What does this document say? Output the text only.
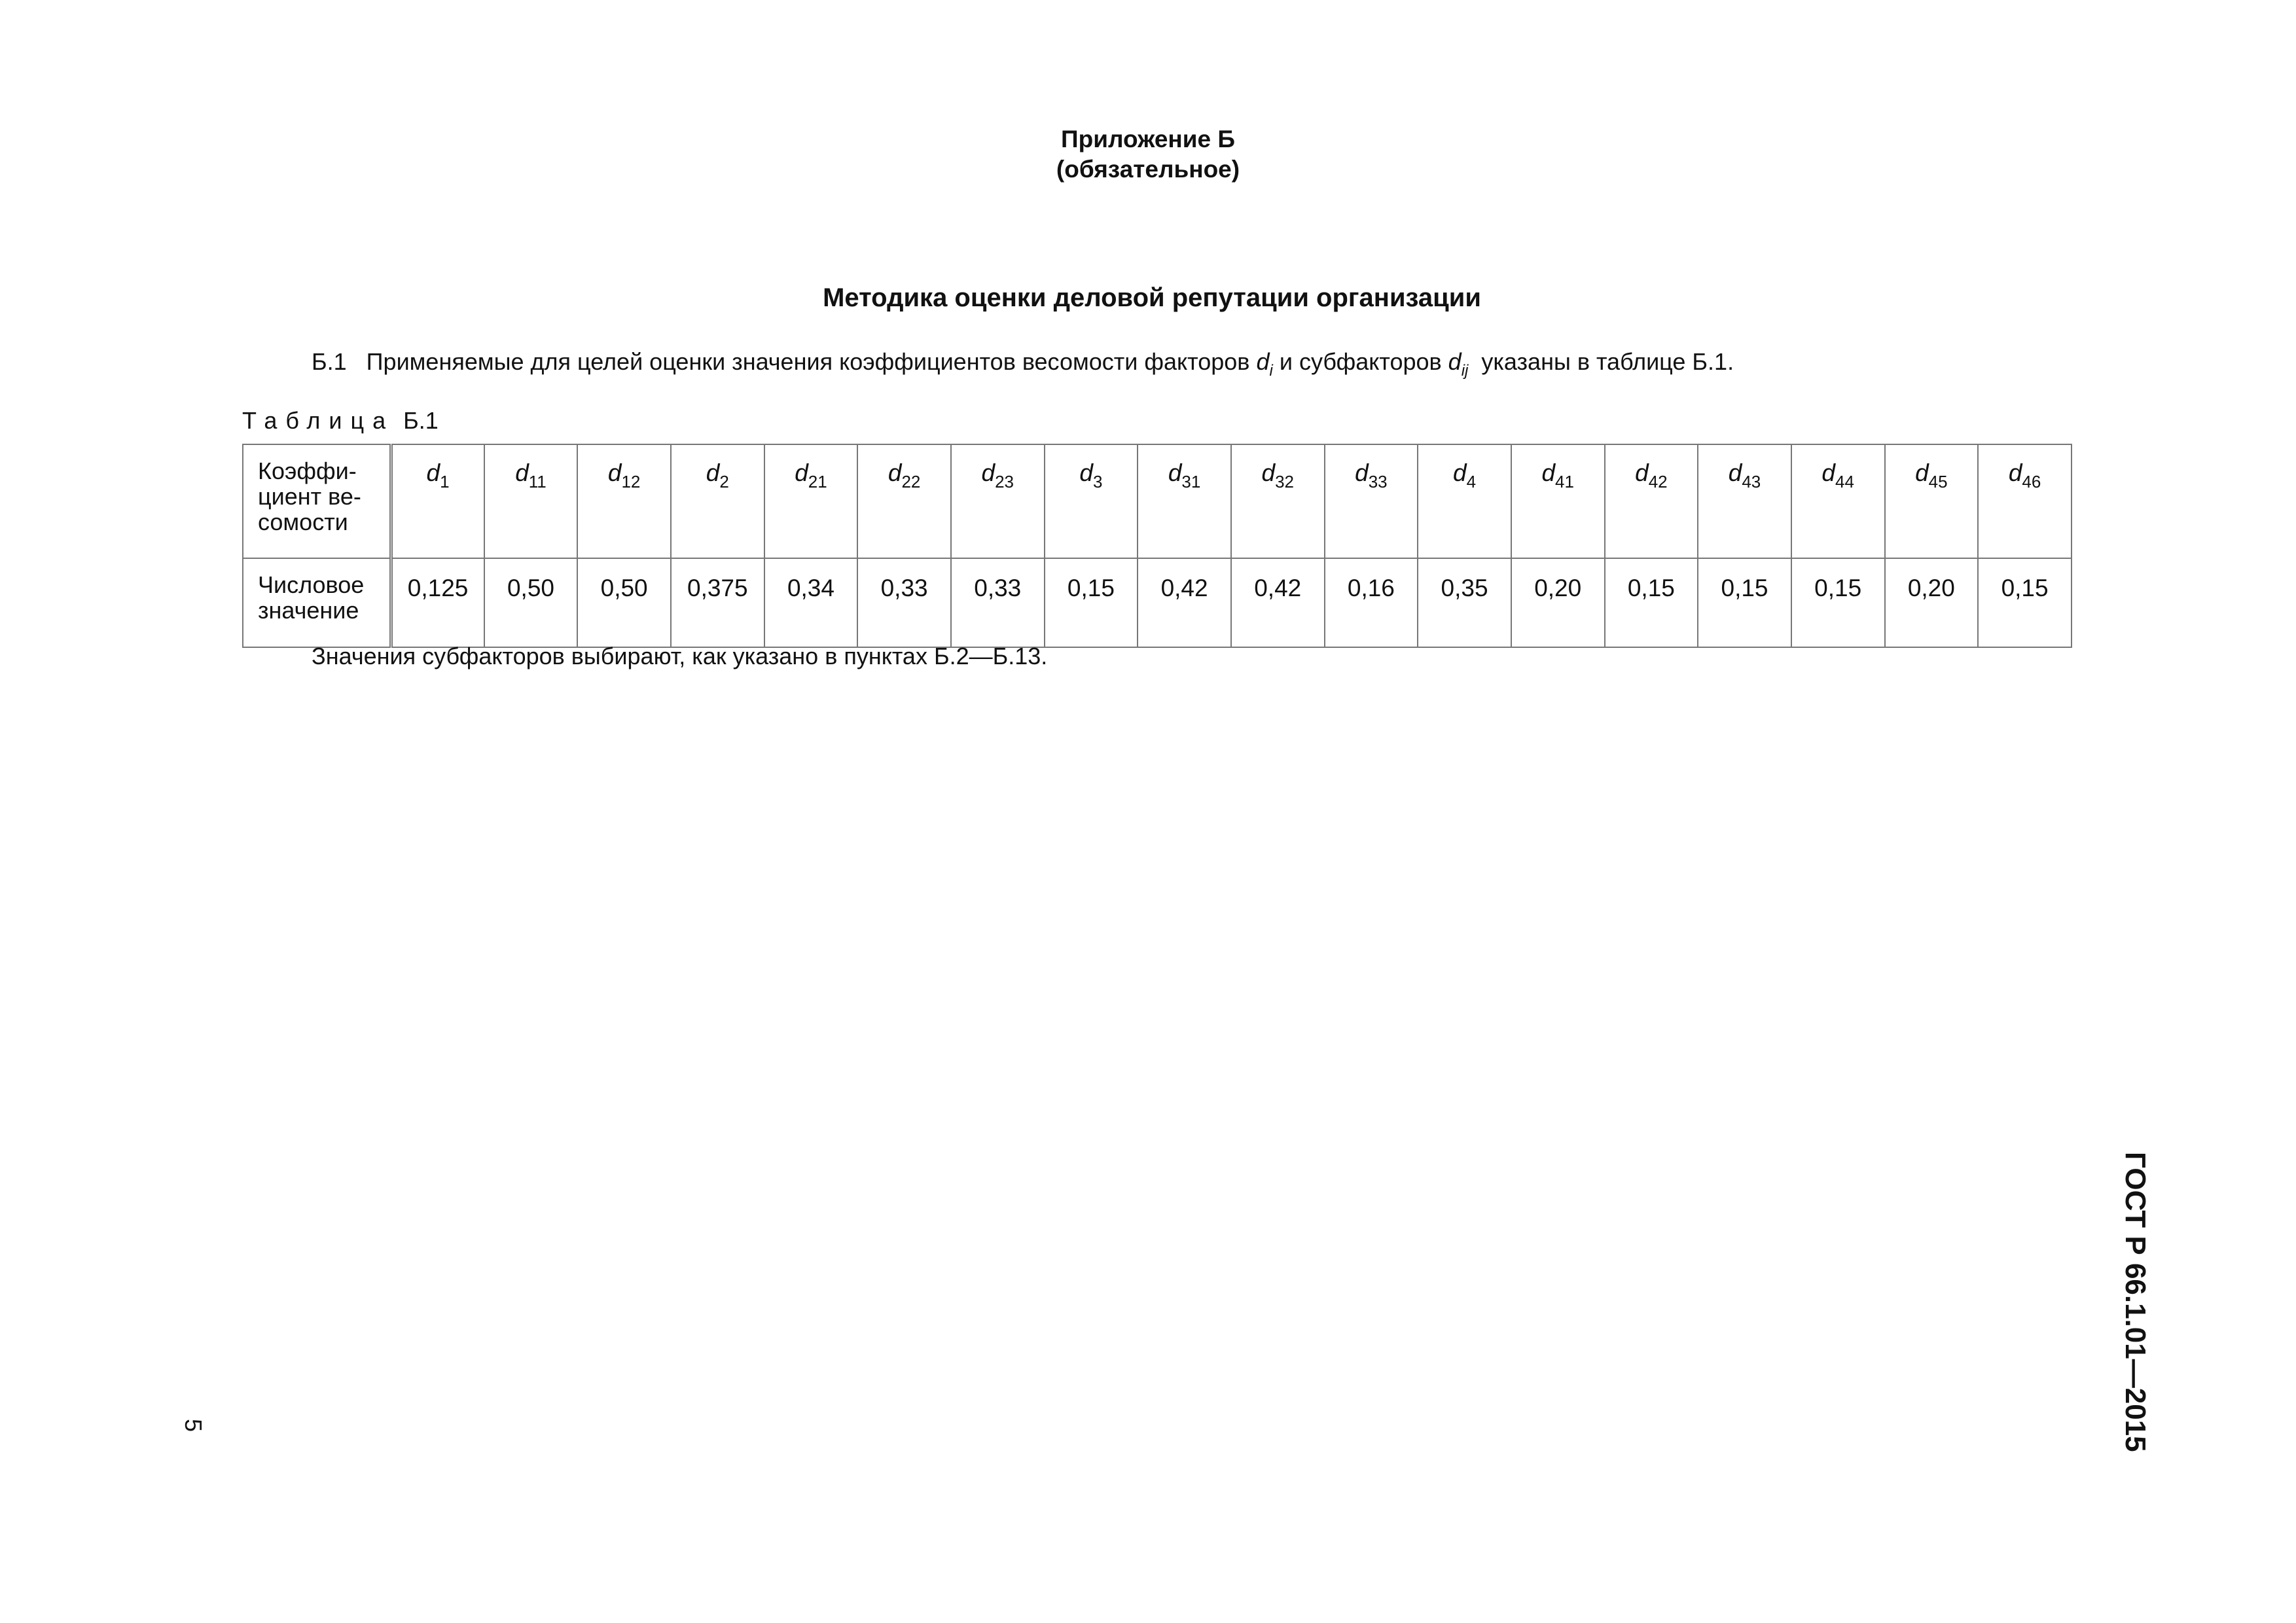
Приложение Б
(обязательное)
Методика оценки деловой репутации организации
Б.1 Применяемые для целей оценки значения коэффициентов весомости факторов $d_i$ и субфакторов $d_{ij}$ указаны в таблице Б.1.
Таблица Б.1
Коэффи-
циент ве-
сомости	$d_1$	$d_{11}$	$d_{12}$	$d_2$	$d_{21}$	$d_{22}$	$d_{23}$	$d_3$	$d_{31}$	$d_{32}$	$d_{33}$	$d_4$	$d_{41}$	$d_{42}$	$d_{43}$	$d_{44}$	$d_{45}$	$d_{46}$

Числовое
значение	0,125	0,50	0,50	0,375	0,34	0,33	0,33	0,15	0,42	0,42	0,16	0,35	0,20	0,15	0,15	0,15	0,20	0,15
Значения субфакторов выбирают, как указано в пунктах Б.2—Б.13.
ГОСТ Р 66.1.01—2015
5
